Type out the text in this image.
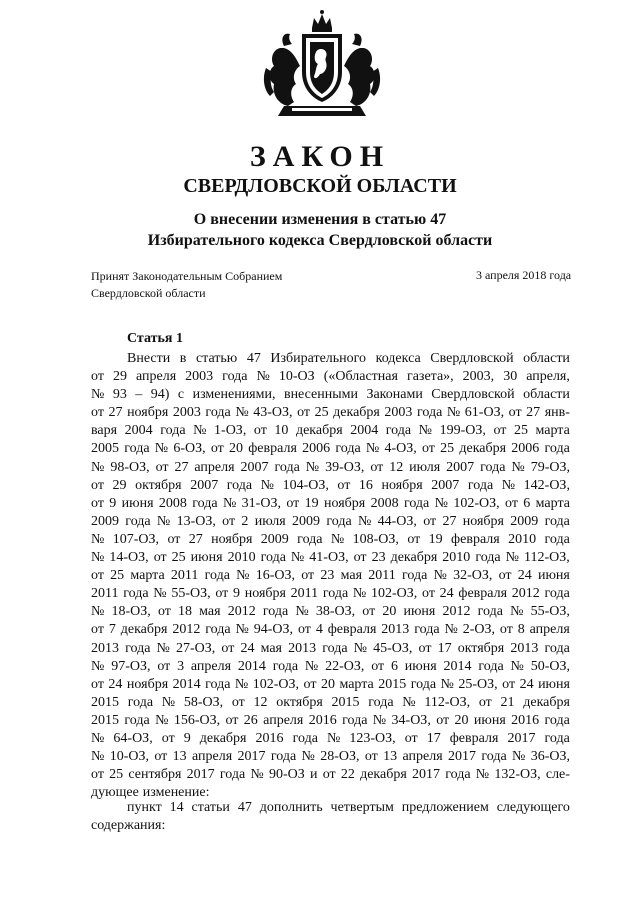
ЗАКОН
СВЕРДЛОВСКОЙ ОБЛАСТИ
О внесении изменения в статью 47
Избирательного кодекса Свердловской области
Принят Законодательным Собранием
Свердловской области
3 апреля 2018 года
Статья 1
Внести в статью 47 Избирательного кодекса Свердловской области
от 29 апреля 2003 года № 10-ОЗ («Областная газета», 2003, 30 апреля,
№ 93 – 94) с изменениями, внесенными Законами Свердловской области
от 27 ноября 2003 года № 43-ОЗ, от 25 декабря 2003 года № 61-ОЗ, от 27 янв-
варя 2004 года № 1-ОЗ, от 10 декабря 2004 года № 199-ОЗ, от 25 марта
2005 года № 6-ОЗ, от 20 февраля 2006 года № 4-ОЗ, от 25 декабря 2006 года
№ 98-ОЗ, от 27 апреля 2007 года № 39-ОЗ, от 12 июля 2007 года № 79-ОЗ,
от 29 октября 2007 года № 104-ОЗ, от 16 ноября 2007 года № 142-ОЗ,
от 9 июня 2008 года № 31-ОЗ, от 19 ноября 2008 года № 102-ОЗ, от 6 марта
2009 года № 13-ОЗ, от 2 июля 2009 года № 44-ОЗ, от 27 ноября 2009 года
№ 107-ОЗ, от 27 ноября 2009 года № 108-ОЗ, от 19 февраля 2010 года
№ 14-ОЗ, от 25 июня 2010 года № 41-ОЗ, от 23 декабря 2010 года № 112-ОЗ,
от 25 марта 2011 года № 16-ОЗ, от 23 мая 2011 года № 32-ОЗ, от 24 июня
2011 года № 55-ОЗ, от 9 ноября 2011 года № 102-ОЗ, от 24 февраля 2012 года
№ 18-ОЗ, от 18 мая 2012 года № 38-ОЗ, от 20 июня 2012 года № 55-ОЗ,
от 7 декабря 2012 года № 94-ОЗ, от 4 февраля 2013 года № 2-ОЗ, от 8 апреля
2013 года № 27-ОЗ, от 24 мая 2013 года № 45-ОЗ, от 17 октября 2013 года
№ 97-ОЗ, от 3 апреля 2014 года № 22-ОЗ, от 6 июня 2014 года № 50-ОЗ,
от 24 ноября 2014 года № 102-ОЗ, от 20 марта 2015 года № 25-ОЗ, от 24 июня
2015 года № 58-ОЗ, от 12 октября 2015 года № 112-ОЗ, от 21 декабря
2015 года № 156-ОЗ, от 26 апреля 2016 года № 34-ОЗ, от 20 июня 2016 года
№ 64-ОЗ, от 9 декабря 2016 года № 123-ОЗ, от 17 февраля 2017 года
№ 10-ОЗ, от 13 апреля 2017 года № 28-ОЗ, от 13 апреля 2017 года № 36-ОЗ,
от 25 сентября 2017 года № 90-ОЗ и от 22 декабря 2017 года № 132-ОЗ, сле-
дующее изменение:
пункт 14 статьи 47 дополнить четвертым предложением следующего
содержания:
